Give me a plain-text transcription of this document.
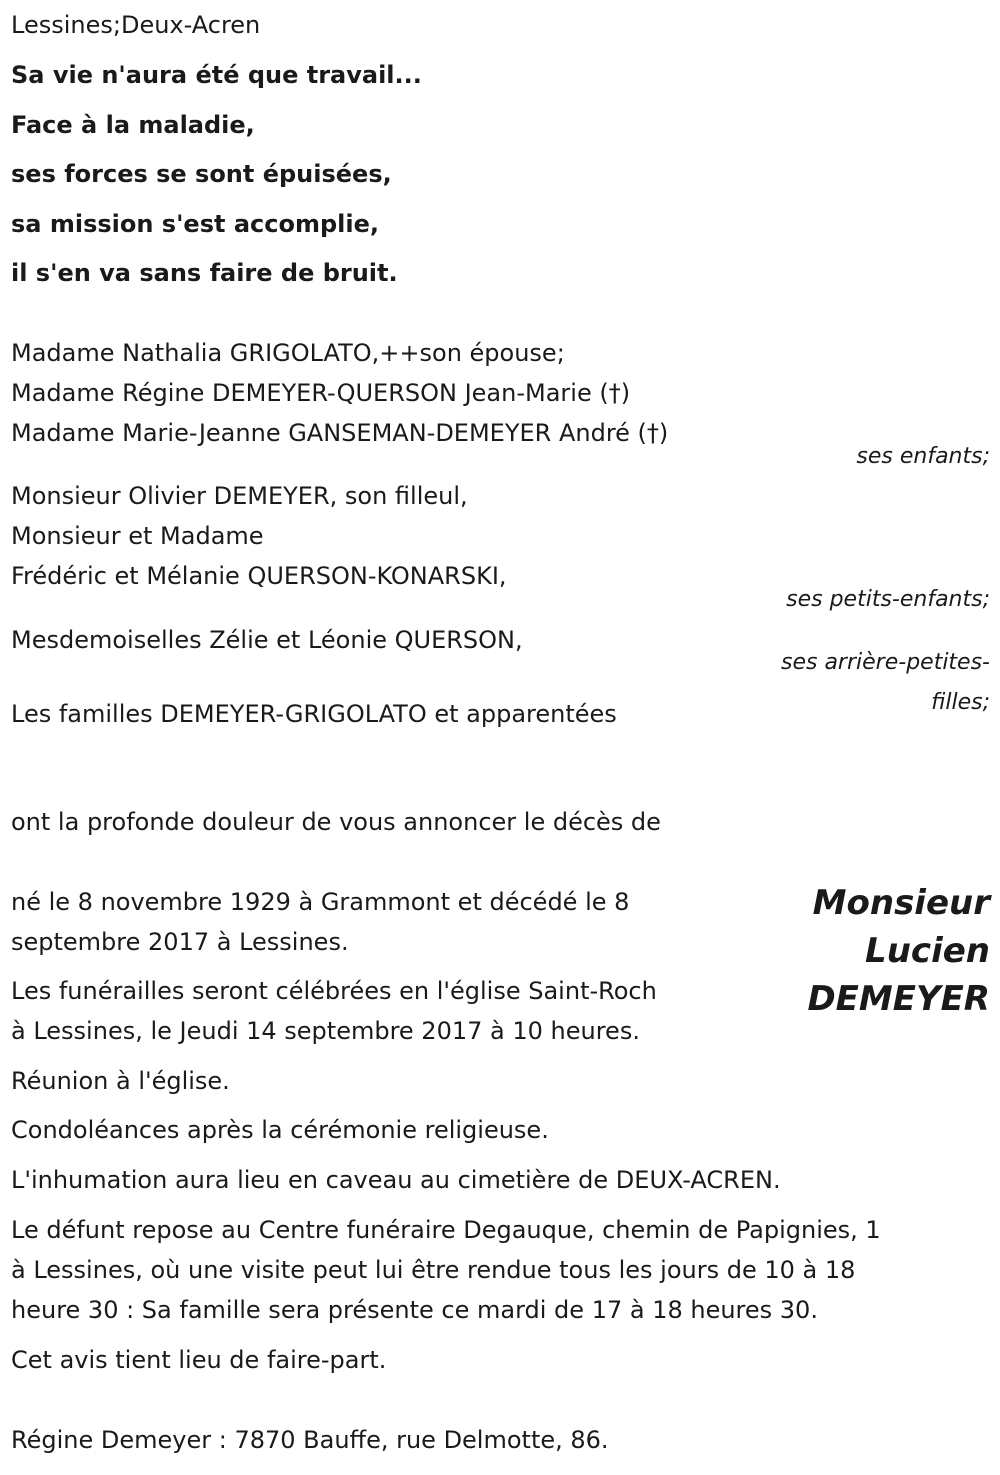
Lessines;Deux-Acren
Sa vie n'aura été que travail...
Face à la maladie,
ses forces se sont épuisées,
sa mission s'est accomplie,
il s'en va sans faire de bruit.
Madame Nathalia GRIGOLATO,++son épouse;
Madame Régine DEMEYER-QUERSON Jean-Marie (†)
Madame Marie-Jeanne GANSEMAN-DEMEYER André (†)
ses enfants;
Monsieur Olivier DEMEYER, son filleul,
Monsieur et Madame
Frédéric et Mélanie QUERSON-KONARSKI,
ses petits-enfants;
Mesdemoiselles Zélie et Léonie QUERSON,
ses arrière-petites-
filles;
Les familles DEMEYER-GRIGOLATO et apparentées
ont la profonde douleur de vous annoncer le décès de
Monsieur
Lucien
DEMEYER
né le 8 novembre 1929 à Grammont et décédé le 8
septembre 2017 à Lessines.
Les funérailles seront célébrées en l'église Saint-Roch
à Lessines, le Jeudi 14 septembre 2017 à 10 heures.
Réunion à l'église.
Condoléances après la cérémonie religieuse.
L'inhumation aura lieu en caveau au cimetière de DEUX-ACREN.
Le défunt repose au Centre funéraire Degauque, chemin de Papignies, 1
à Lessines, où une visite peut lui être rendue tous les jours de 10 à 18
heure 30 : Sa famille sera présente ce mardi de 17 à 18 heures 30.
Cet avis tient lieu de faire-part.
Régine Demeyer : 7870 Bauffe, rue Delmotte, 86.
